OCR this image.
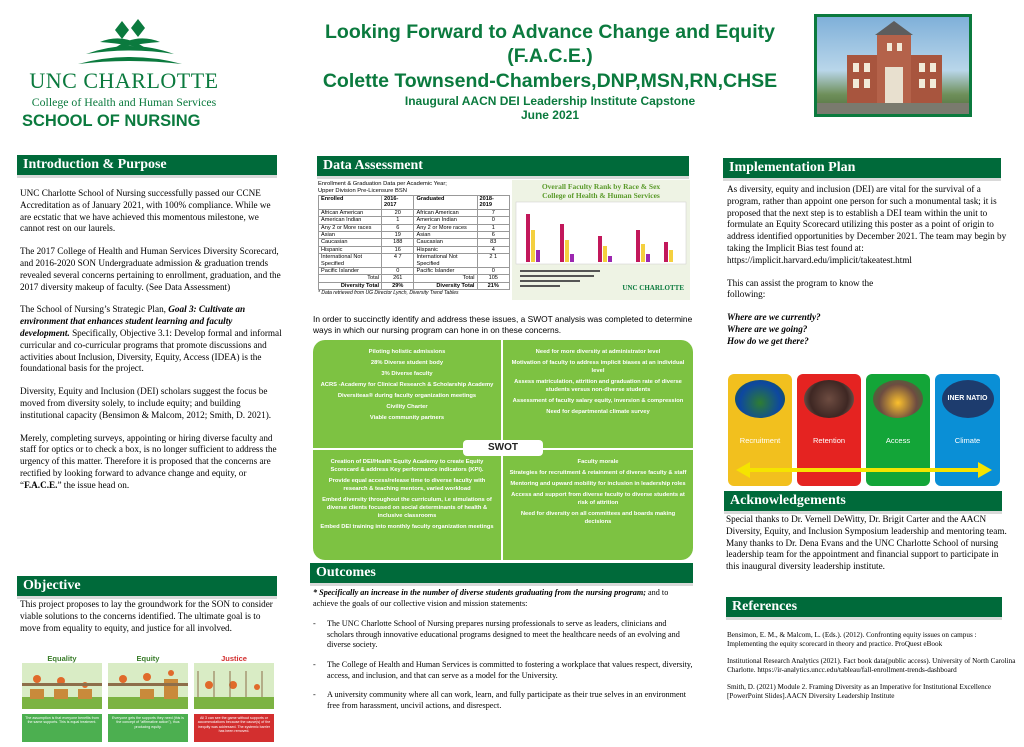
UNC CHARLOTTE
College of Health and Human Services
SCHOOL OF NURSING
Looking Forward to Advance Change and Equity
(F.A.C.E.)
Colette Townsend-Chambers,DNP,MSN,RN,CHSE
Inaugural AACN DEI Leadership Institute Capstone
June 2021
Introduction & Purpose

UNC Charlotte School of Nursing successfully passed our CCNE Accreditation as of January 2021, with 100% compliance. While we are ecstatic that we have achieved this momentous milestone, we cannot rest on our laurels.

The 2017 College of Health and Human Services Diversity Scorecard, and 2016-2020 SON Undergraduate admission & graduation trends revealed several concerns pertaining to enrollment, graduation, and the 2017 diversity makeup of faculty. (See Data Assessment)

The School of Nursing’s Strategic Plan, Goal 3: Cultivate an environment that enhances student learning and faculty development. Specifically, Objective 3.1: Develop formal and informal curricular and co-curricular programs that promote discussions and activities about Inclusion, Diversity, Equity, Access (IDEA) is the foundational basis for the project.

Diversity, Equity and Inclusion (DEI) scholars suggest the focus be moved from diversity solely, to include equity; and building institutional capacity (Bensimon & Malcom, 2012; Smith, D. 2021).

Merely, completing surveys, appointing or hiring diverse faculty and staff for optics or to check a box, is no longer sufficient to address the urgency of this matter. Therefore it is proposed that the concerns are rectified by looking forward to advance change and equity, or “F.A.C.E.” the issue head on.

Objective

This project proposes to lay the groundwork for the SON to consider viable solutions to the concerns identified. The ultimate goal is to move from equality to equity, and justice for all involved.

Equality
The assumption is that everyone benefits from the same supports. This is equal treatment.
Equity
Everyone gets the supports they need (this is the concept of "affirmative action"), thus producing equity.
Justice
All 3 can see the game without supports or accommodations because the cause(s) of the inequity was addressed. The systemic barrier has been removed.
Data Assessment
Enrollment & Graduation Data per Academic Year;
Upper Division Pre-Licensure BSN
Enrolled	2016- 2017	Graduated	2018- 2019
African American	20	African American	7
American Indian	1	American Indian	0
Any 2 or More races	6	Any 2 or More races	1
Asian	19	Asian	6
Caucasian	188	Caucasian	83
Hispanic	16	Hispanic	4
International Not Specified	4 7	International Not Specified	2 1
Pacific Islander	0	Pacific Islander	0
Total	261	Total	105
Diversity Total	29%	Diversity Total	21%
* Data retrieved from UG Director Lynch, Diversity Trend Tables
Overall Faculty Rank by Race & Sex
College of Health & Human Services
UNC CHARLOTTE

In order to succinctly identify and address these issues, a SWOT analysis was completed to determine ways in which our nursing program can hone in on these concerns.

Piloting holistic admissions
28% Diverse student body
3% Diverse faculty
ACRS -Academy for Clinical Research & Scholarship Academy
Diversiteas® during faculty organization meetings
Civility Charter
Viable community partners
Need for more diversity at administrator level
Motivation of faculty to address implicit biases at an individual level
Assess matriculation, attrition and graduation rate of diverse students versus non-diverse students
Assessment of faculty salary equity, inversion & compression
Need for departmental climate survey
Creation of DEI/Health Equity Academy to create Equity Scorecard & address Key performance indicators (KPI).
Provide equal access/release time to diverse faculty with research & teaching mentors, varied workload
Embed diversity throughout the curriculum, i.e simulations of diverse clients focused on social determinants of health & inclusive classrooms
Embed DEI training into monthly faculty organization meetings
Faculty morale
Strategies for recruitment & retainment of diverse faculty & staff
Mentoring and upward mobility for inclusion in leadership roles
Access and support from diverse faculty to diverse students at risk of attrition
Need for diversity on all committees and boards making decisions
SWOT
Outcomes

* Specifically an increase in the number of diverse students graduating from the nursing program; and to achieve the goals of our collective vision and mission statements:

-	The UNC Charlotte School of Nursing prepares nursing professionals to serve as leaders, clinicians and scholars through innovative educational programs designed to meet the healthcare needs of an evolving and diverse society.

-	The College of Health and Human Services is committed to fostering a workplace that values respect, diversity, access, and inclusion, and that can serve as a model for the University.

-	A university community where all can work, learn, and fully participate as their true selves in an environment free from harassment, uncivil actions, and disrespect.
Implementation Plan

As diversity, equity and inclusion (DEI) are vital for the survival of a program, rather than appoint one person for such a monumental task; it is proposed that the next step is to establish a DEI team within the unit to formulate an Equity Scorecard utilizing this poster as a point of origin to address identified opportunities by December 2021. The team may begin by taking the Implicit Bias test found at:

https://implicit.harvard.edu/implicit/takeatest.html

This can assist the program to know the following:

Where are we currently?

Where are we going?

How do we get there?

Recruitment	Retention	Access
INER NATIO
Climate
Acknowledgements

Special thanks to Dr. Vernell DeWitty, Dr. Brigit Carter and the AACN Diversity, Equity, and Inclusion Symposium leadership and mentoring team.

Many thanks to Dr. Dena Evans and the UNC Charlotte School of nursing leadership team for the appointment and financial support to participate in this inaugural diversity leadership institute.

References

Bensimon, E. M., & Malcom, L. (Eds.). (2012). Confronting equity issues on campus : Implementing the equity scorecard in theory and practice. ProQuest eBook

Institutional Research Analytics (2021). Fact book data(public access). University of North Carolina Charlotte. https://ir-analytics.uncc.edu/tableau/fall-enrollment-trends-dashboard

Smith, D. (2021) Module 2. Framing Diversity as an Imperative for Institutional Excellence [PowerPoint Slides].AACN Diversity Leadership Institute
